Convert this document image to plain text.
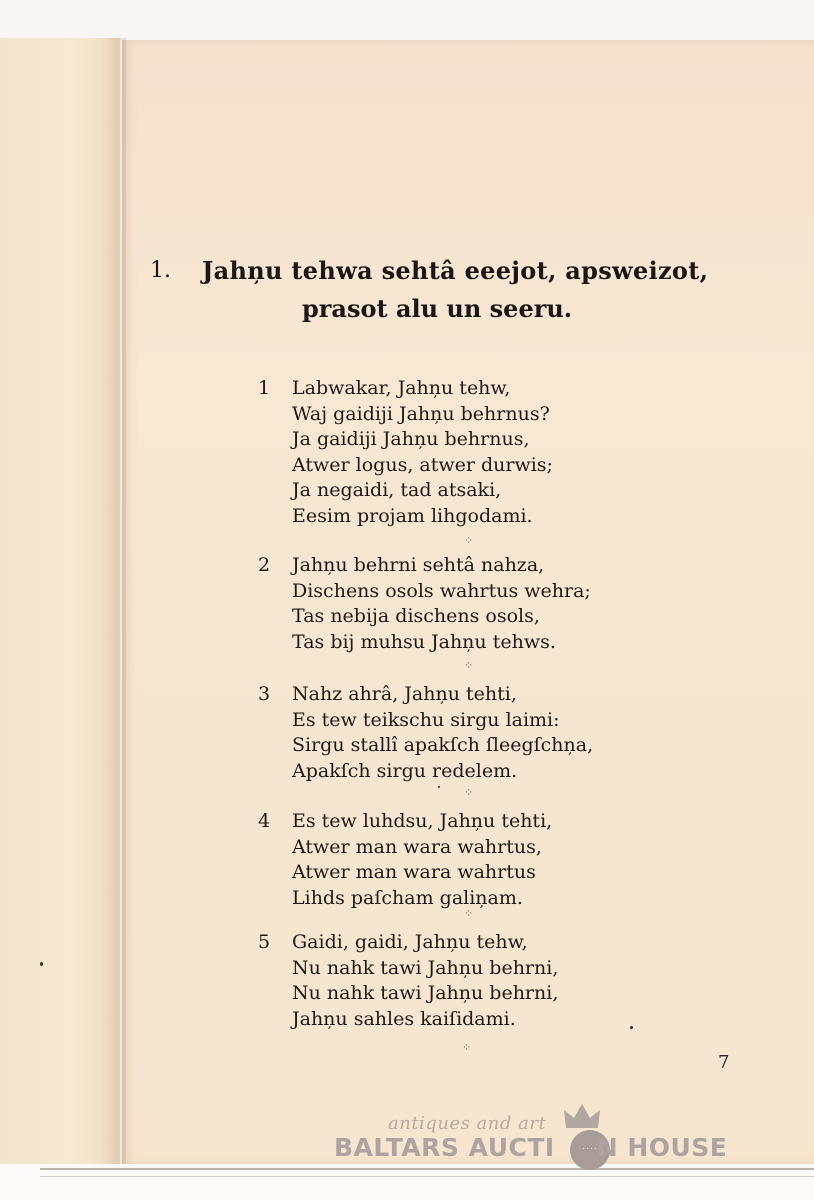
1. Jahņu tehwa sehtâ eeejot, apsweizot,
prasot alu un seeru.
1	Labwakar, Jahņu tehw,
Waj gaidiji Jahņu behrnus?
Ja gaidiji Jahņu behrnus,
Atwer logus, atwer durwis;
Ja negaidi, tad atsaki,
Eesim projam lihgodami.
⁘
2	Jahņu behrni sehtâ nahza,
Dischens osols wahrtus wehra;
Tas nebija dischens osols,
Tas bij muhsu Jahņu tehws.
⁘
3	Nahz ahrâ, Jahņu tehti,
Es tew teikschu sirgu laimi:
Sirgu stallî apakſch ſleegſchņa,
Apakſch sirgu redelem.
⁘
4	Es tew luhdsu, Jahņu tehti,
Atwer man wara wahrtus,
Atwer man wara wahrtus
Lihds paſcham galiņam.
⁘
5	Gaidi, gaidi, Jahņu tehw,
Nu nahk tawi Jahņu behrni,
Nu nahk tawi Jahņu behrni,
Jahņu sahles kaiſidami.
⁘
7
antiques and art
....
BALTARS AUCTI N HOUSE
